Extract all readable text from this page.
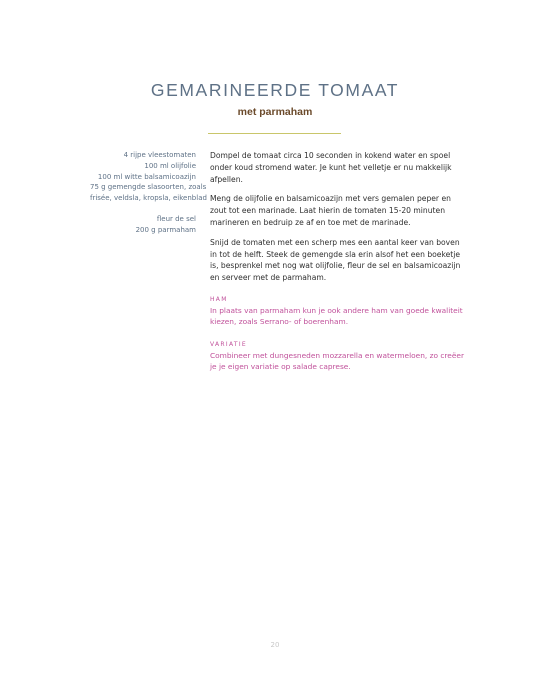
GEMARINEERDE TOMAAT
met parmaham
4 rijpe vleestomaten
100 ml olijfolie
100 ml witte balsamicoazijn
75 g gemengde slasoorten, zoals
frisée, veldsla, kropsla, eikenblad
fleur de sel
200 g parmaham

Dompel de tomaat circa 10 seconden in kokend water en spoel onder koud stromend water. Je kunt het velletje er nu makkelijk afpellen.

Meng de olijfolie en balsamicoazijn met vers gemalen peper en zout tot een marinade. Laat hierin de tomaten 15-20 minuten marineren en bedruip ze af en toe met de marinade.

Snijd de tomaten met een scherp mes een aantal keer van boven in tot de helft. Steek de gemengde sla erin alsof het een boeketje is, besprenkel met nog wat olijfolie, fleur de sel en balsamicoazijn en serveer met de parmaham.

HAM
In plaats van parmaham kun je ook andere ham van goede kwaliteit kiezen, zoals Serrano- of boerenham.
VARIATIE
Combineer met dungesneden mozzarella en watermeloen, zo creëer je je eigen variatie op salade caprese.
20
